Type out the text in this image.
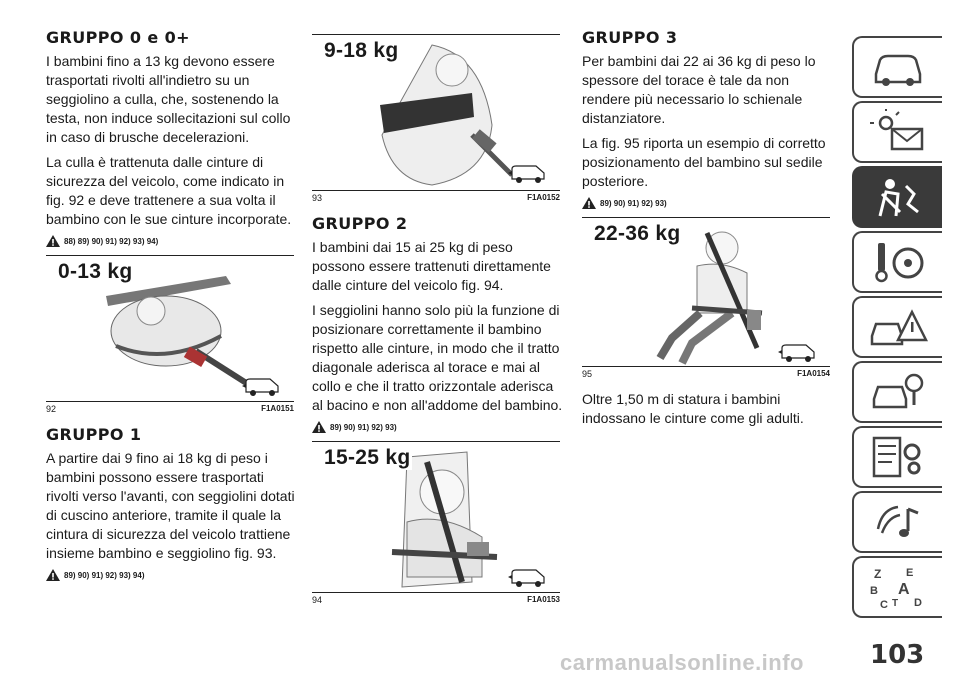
GRUPPO 0 e 0+

I bambini fino a 13 kg devono essere trasportati rivolti all'indietro su un seggiolino a culla, che, sostenendo la testa, non induce sollecitazioni sul collo in caso di brusche decelerazioni.

La culla è trattenuta dalle cinture di sicurezza del veicolo, come indicato in fig. 92 e deve trattenere a sua volta il bambino con le sue cinture incorporate.

88) 89) 90) 91) 92) 93) 94)
0-13 kg
92	F1A0151
GRUPPO 1

A partire dai 9 fino ai 18 kg di peso i bambini possono essere trasportati rivolti verso l'avanti, con seggiolini dotati di cuscino anteriore, tramite il quale la cintura di sicurezza del veicolo trattiene insieme bambino e seggiolino fig. 93.

89) 90) 91) 92) 93) 94)
9-18 kg
93	F1A0152
GRUPPO 2

I bambini dai 15 ai 25 kg di peso possono essere trattenuti direttamente dalle cinture del veicolo fig. 94.

I seggiolini hanno solo più la funzione di posizionare correttamente il bambino rispetto alle cinture, in modo che il tratto diagonale aderisca al torace e mai al collo e che il tratto orizzontale aderisca al bacino e non all'addome del bambino.

89) 90) 91) 92) 93)
15-25 kg
94	F1A0153
GRUPPO 3

Per bambini dai 22 ai 36 kg di peso lo spessore del torace è tale da non rendere più necessario lo schienale distanziatore.

La fig. 95 riporta un esempio di corretto posizionamento del bambino sul sedile posteriore.

89) 90) 91) 92) 93)
22-36 kg
95	F1A0154

Oltre 1,50 m di statura i bambini indossano le cinture come gli adulti.

Z E
B A
C T D
103
carmanualsonline.info
